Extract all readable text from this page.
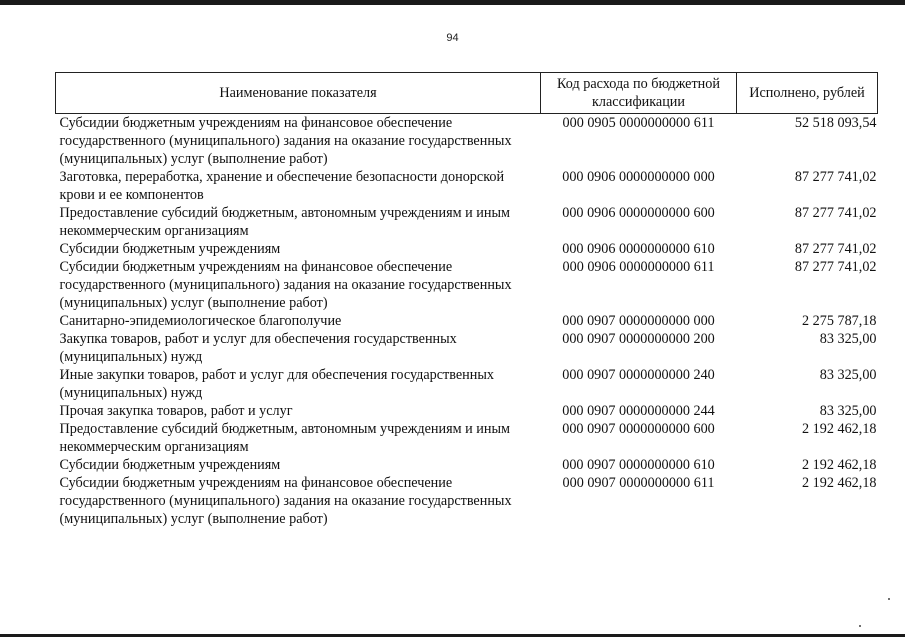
94
Наименование показателя	Код расхода по бюджетной классификации	Исполнено, рублей
Субсидии бюджетным учреждениям на финансовое обеспечение государственного (муниципального) задания на оказание государственных (муниципальных) услуг (выполнение работ)	000 0905 0000000000 611	52 518 093,54
Заготовка, переработка, хранение и обеспечение безопасности донорской крови и ее компонентов	000 0906 0000000000 000	87 277 741,02
Предоставление субсидий бюджетным, автономным учреждениям и иным некоммерческим организациям	000 0906 0000000000 600	87 277 741,02
Субсидии бюджетным учреждениям	000 0906 0000000000 610	87 277 741,02
Субсидии бюджетным учреждениям на финансовое обеспечение государственного (муниципального) задания на оказание государственных (муниципальных) услуг (выполнение работ)	000 0906 0000000000 611	87 277 741,02
Санитарно-эпидемиологическое благополучие	000 0907 0000000000 000	2 275 787,18
Закупка товаров, работ и услуг для обеспечения государственных (муниципальных) нужд	000 0907 0000000000 200	83 325,00
Иные закупки товаров, работ и услуг для обеспечения государственных (муниципальных) нужд	000 0907 0000000000 240	83 325,00
Прочая закупка товаров, работ и услуг	000 0907 0000000000 244	83 325,00
Предоставление субсидий бюджетным, автономным учреждениям и иным некоммерческим организациям	000 0907 0000000000 600	2 192 462,18
Субсидии бюджетным учреждениям	000 0907 0000000000 610	2 192 462,18
Субсидии бюджетным учреждениям на финансовое обеспечение государственного (муниципального) задания на оказание государственных (муниципальных) услуг (выполнение работ)	000 0907 0000000000 611	2 192 462,18
